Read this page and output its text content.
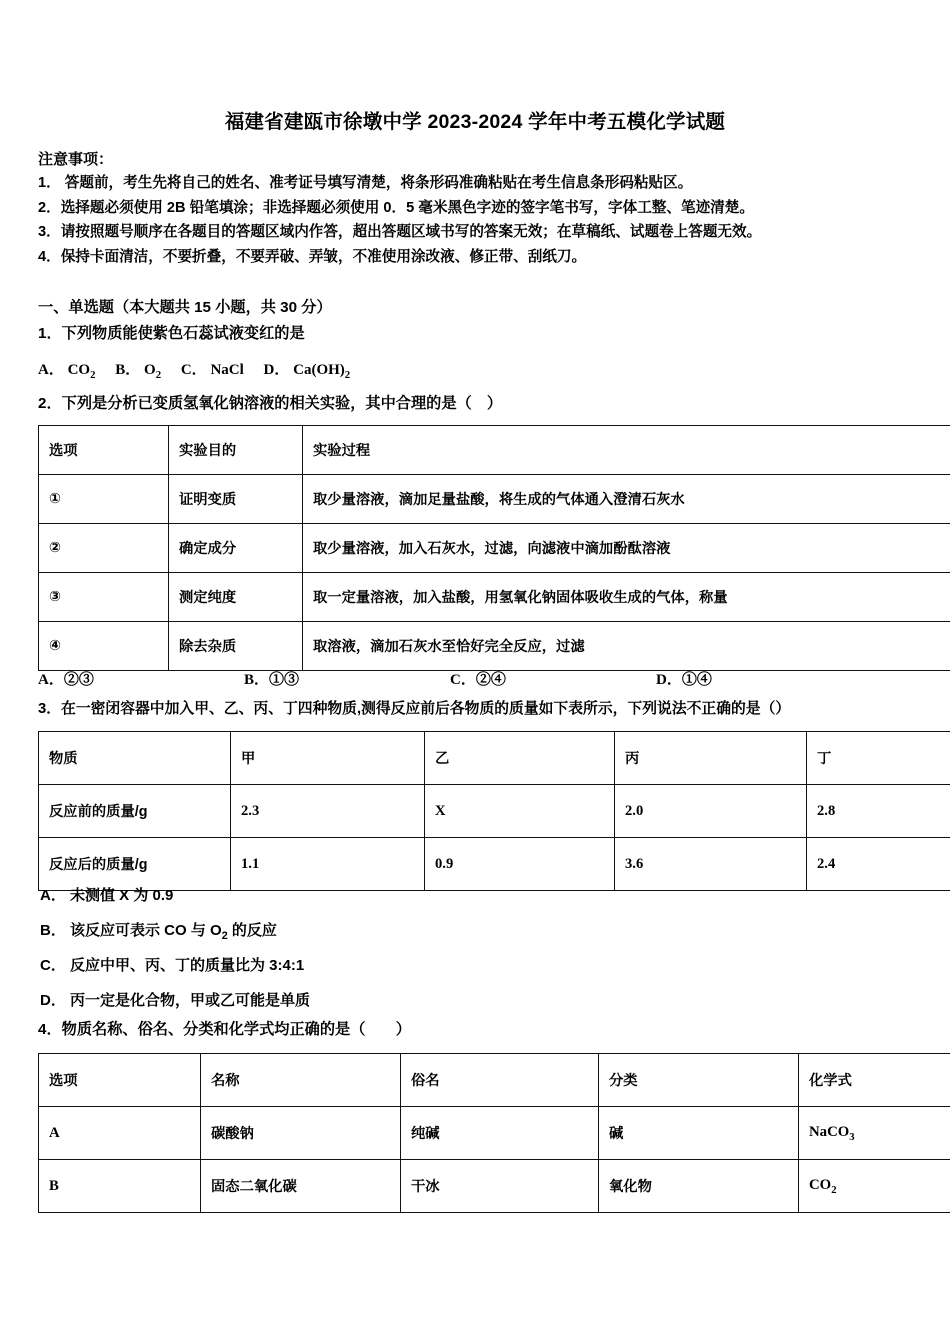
福建省建瓯市徐墩中学 2023-2024 学年中考五模化学试题
注意事项：
1． 答题前，考生先将自己的姓名、准考证号填写清楚，将条形码准确粘贴在考生信息条形码粘贴区。
2．选择题必须使用 2B 铅笔填涂；非选择题必须使用 0．5 毫米黑色字迹的签字笔书写，字体工整、笔迹清楚。
3．请按照题号顺序在各题目的答题区域内作答，超出答题区域书写的答案无效；在草稿纸、试题卷上答题无效。
4．保持卡面清洁，不要折叠，不要弄破、弄皱，不准使用涂改液、修正带、刮纸刀。
一、单选题（本大题共 15 小题，共 30 分）
1．下列物质能使紫色石蕊试液变红的是
A． $CO_2$ B． $O_2$ C． NaCl D． $Ca(OH)_2$
2．下列是分析已变质氢氧化钠溶液的相关实验，其中合理的是（　）
选项	实验目的	实验过程
①	证明变质	取少量溶液，滴加足量盐酸，将生成的气体通入澄清石灰水
②	确定成分	取少量溶液，加入石灰水，过滤，向滤液中滴加酚酞溶液
③	测定纯度	取一定量溶液，加入盐酸，用氢氧化钠固体吸收生成的气体，称量
④	除去杂质	取溶液，滴加石灰水至恰好完全反应，过滤
A．②③	B．①③	C．②④	D．①④
3．在一密闭容器中加入甲、乙、丙、丁四种物质,测得反应前后各物质的质量如下表所示，下列说法不正确的是（）
物质	甲	乙	丙	丁
反应前的质量/g	2.3	X	2.0	2.8
反应后的质量/g	1.1	0.9	3.6	2.4
A． 未测值 X 为 0.9
B． 该反应可表示 CO 与 $O_2$ 的反应
C． 反应中甲、丙、丁的质量比为 3:4:1
D． 丙一定是化合物，甲或乙可能是单质
4．物质名称、俗名、分类和化学式均正确的是（　　）
选项	名称	俗名	分类	化学式
A	碳酸钠	纯碱	碱	NaCO$_3$
B	固态二氧化碳	干冰	氧化物	$CO_2$
